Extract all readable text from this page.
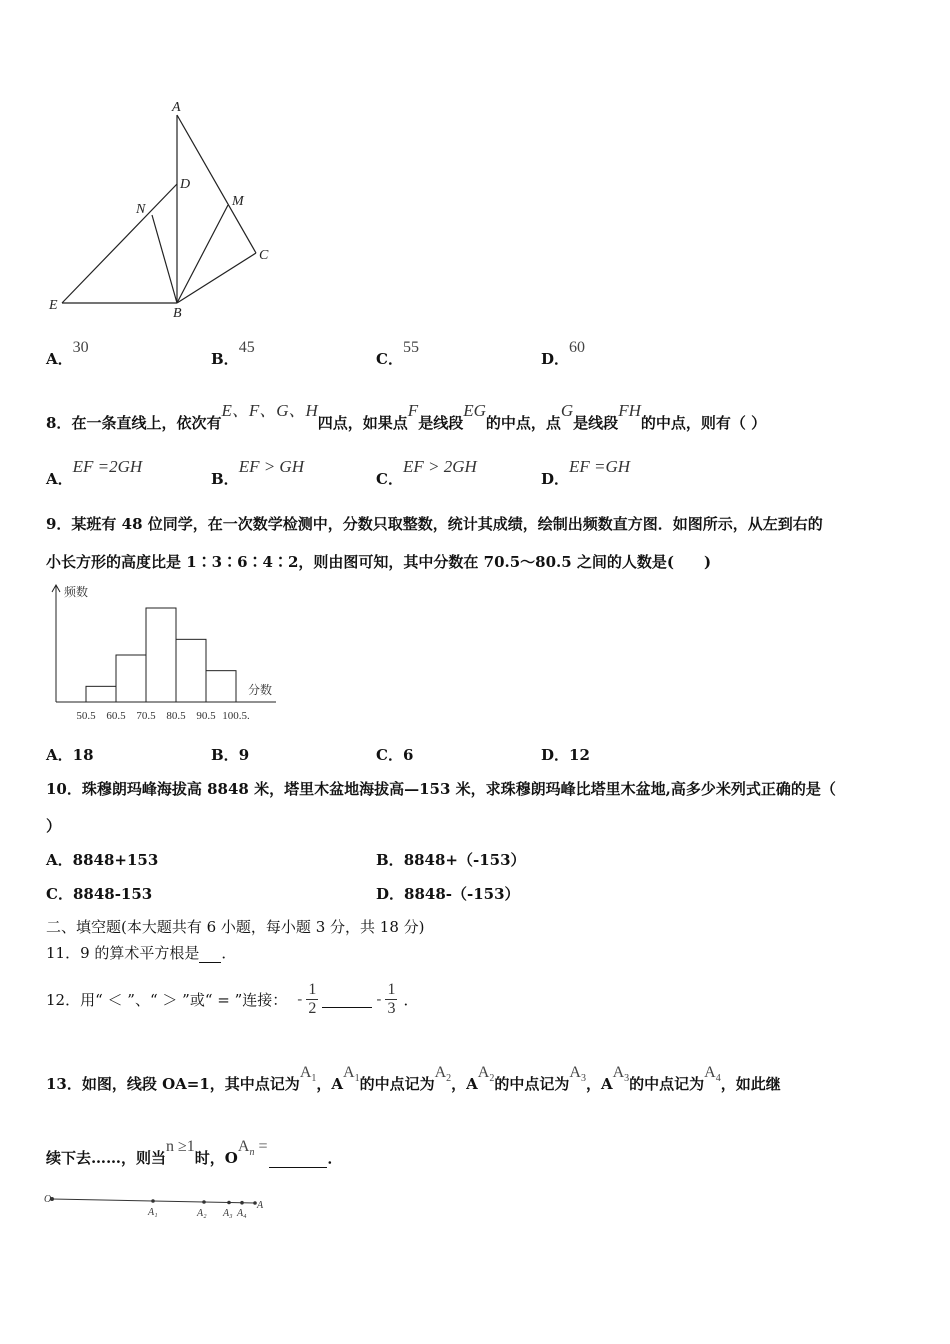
A
D
N
M
C
E
B
A．30
B．45
C．55
D．60
8．在一条直线上，依次有E、F、G、H四点，如果点F是线段EG的中点，点G是线段FH的中点，则有（ ）
A．EF =2GH
B．EF > GH
C．EF > 2GH
D．EF =GH
9．某班有 48 位同学，在一次数学检测中，分数只取整数，统计其成绩，绘制出频数直方图．如图所示，从左到右的
小长方形的高度比是 1∶3∶6∶4∶2，则由图可知，其中分数在 70.5～80.5 之间的人数是(　　)
频数
分数
50.5 60.5 70.5 80.5 90.5 100.5.
A．18	B．9	C．6	D．12
10．珠穆朗玛峰海拔高 8848 米，塔里木盆地海拔高—153 米，求珠穆朗玛峰比塔里木盆地,高多少米列式正确的是（
）
A．8848+153	B．8848+（-153）
C．8848-153	D．8848-（-153）
二、填空题(本大题共有 6 小题，每小题 3 分，共 18 分)
11．9 的算术平方根是 ．
12．用“ ＜ ”、“ ＞ ”或“ = ”连接： - $\frac{1}{2}$
	- $\frac{1}{3}$ ．
13．如图，线段 OA=1，其中点记为$A_1$，$AA_1$的中点记为$A_2$，$AA_2$的中点记为$A_3$，$AA_3$的中点记为$A_4$，如此继
续下去……，则当n ≥1时，$OA_n$ = ．
O
A
A₁	A₂ A₃ A₄
